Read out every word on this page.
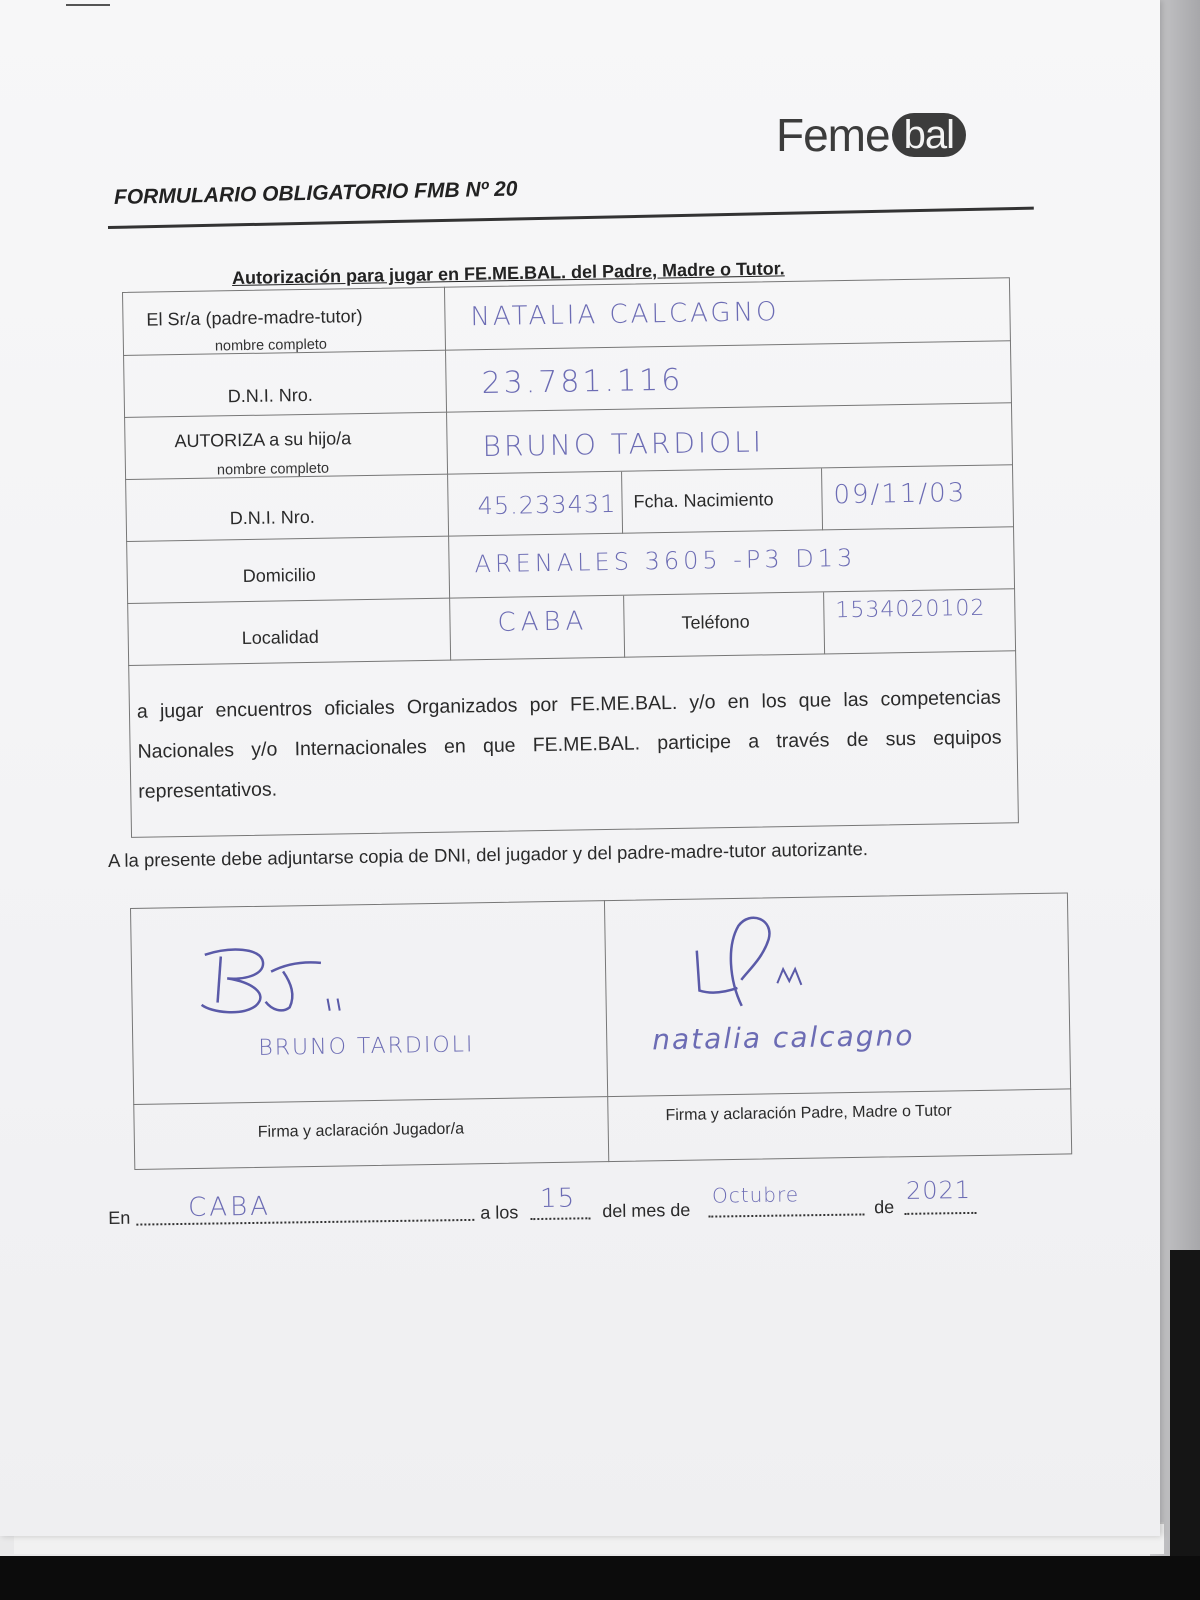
Feme bal
FORMULARIO OBLIGATORIO FMB Nº 20
Autorización para jugar en FE.ME.BAL. del Padre, Madre o Tutor.
El Sr/a (padre-madre-tutor)
nombre completo
NATALIA CALCAGNO
D.N.I. Nro.	23.781.116
AUTORIZA a su hijo/a
nombre completo
BRUNO TARDIOLI
D.N.I. Nro.	45.233431 Fcha. Nacimiento 09/11/03
Domicilio	ARENALES 3605 -P3 D13
Localidad	CABA	Teléfono	1534020102
a jugar encuentros oficiales Organizados por FE.ME.BAL. y/o en los que las competencias Nacionales y/o Internacionales en que FE.ME.BAL. participe a través de sus equipos representativos.
A la presente debe adjuntarse copia de DNI, del jugador y del padre-madre-tutor autorizante.
BRUNO TARDIOLI	natalia calcagno
Firma y aclaración Jugador/a
Firma y aclaración Padre, Madre o Tutor
En CABA	a los 15 del mes de
Octubre	de
2021
